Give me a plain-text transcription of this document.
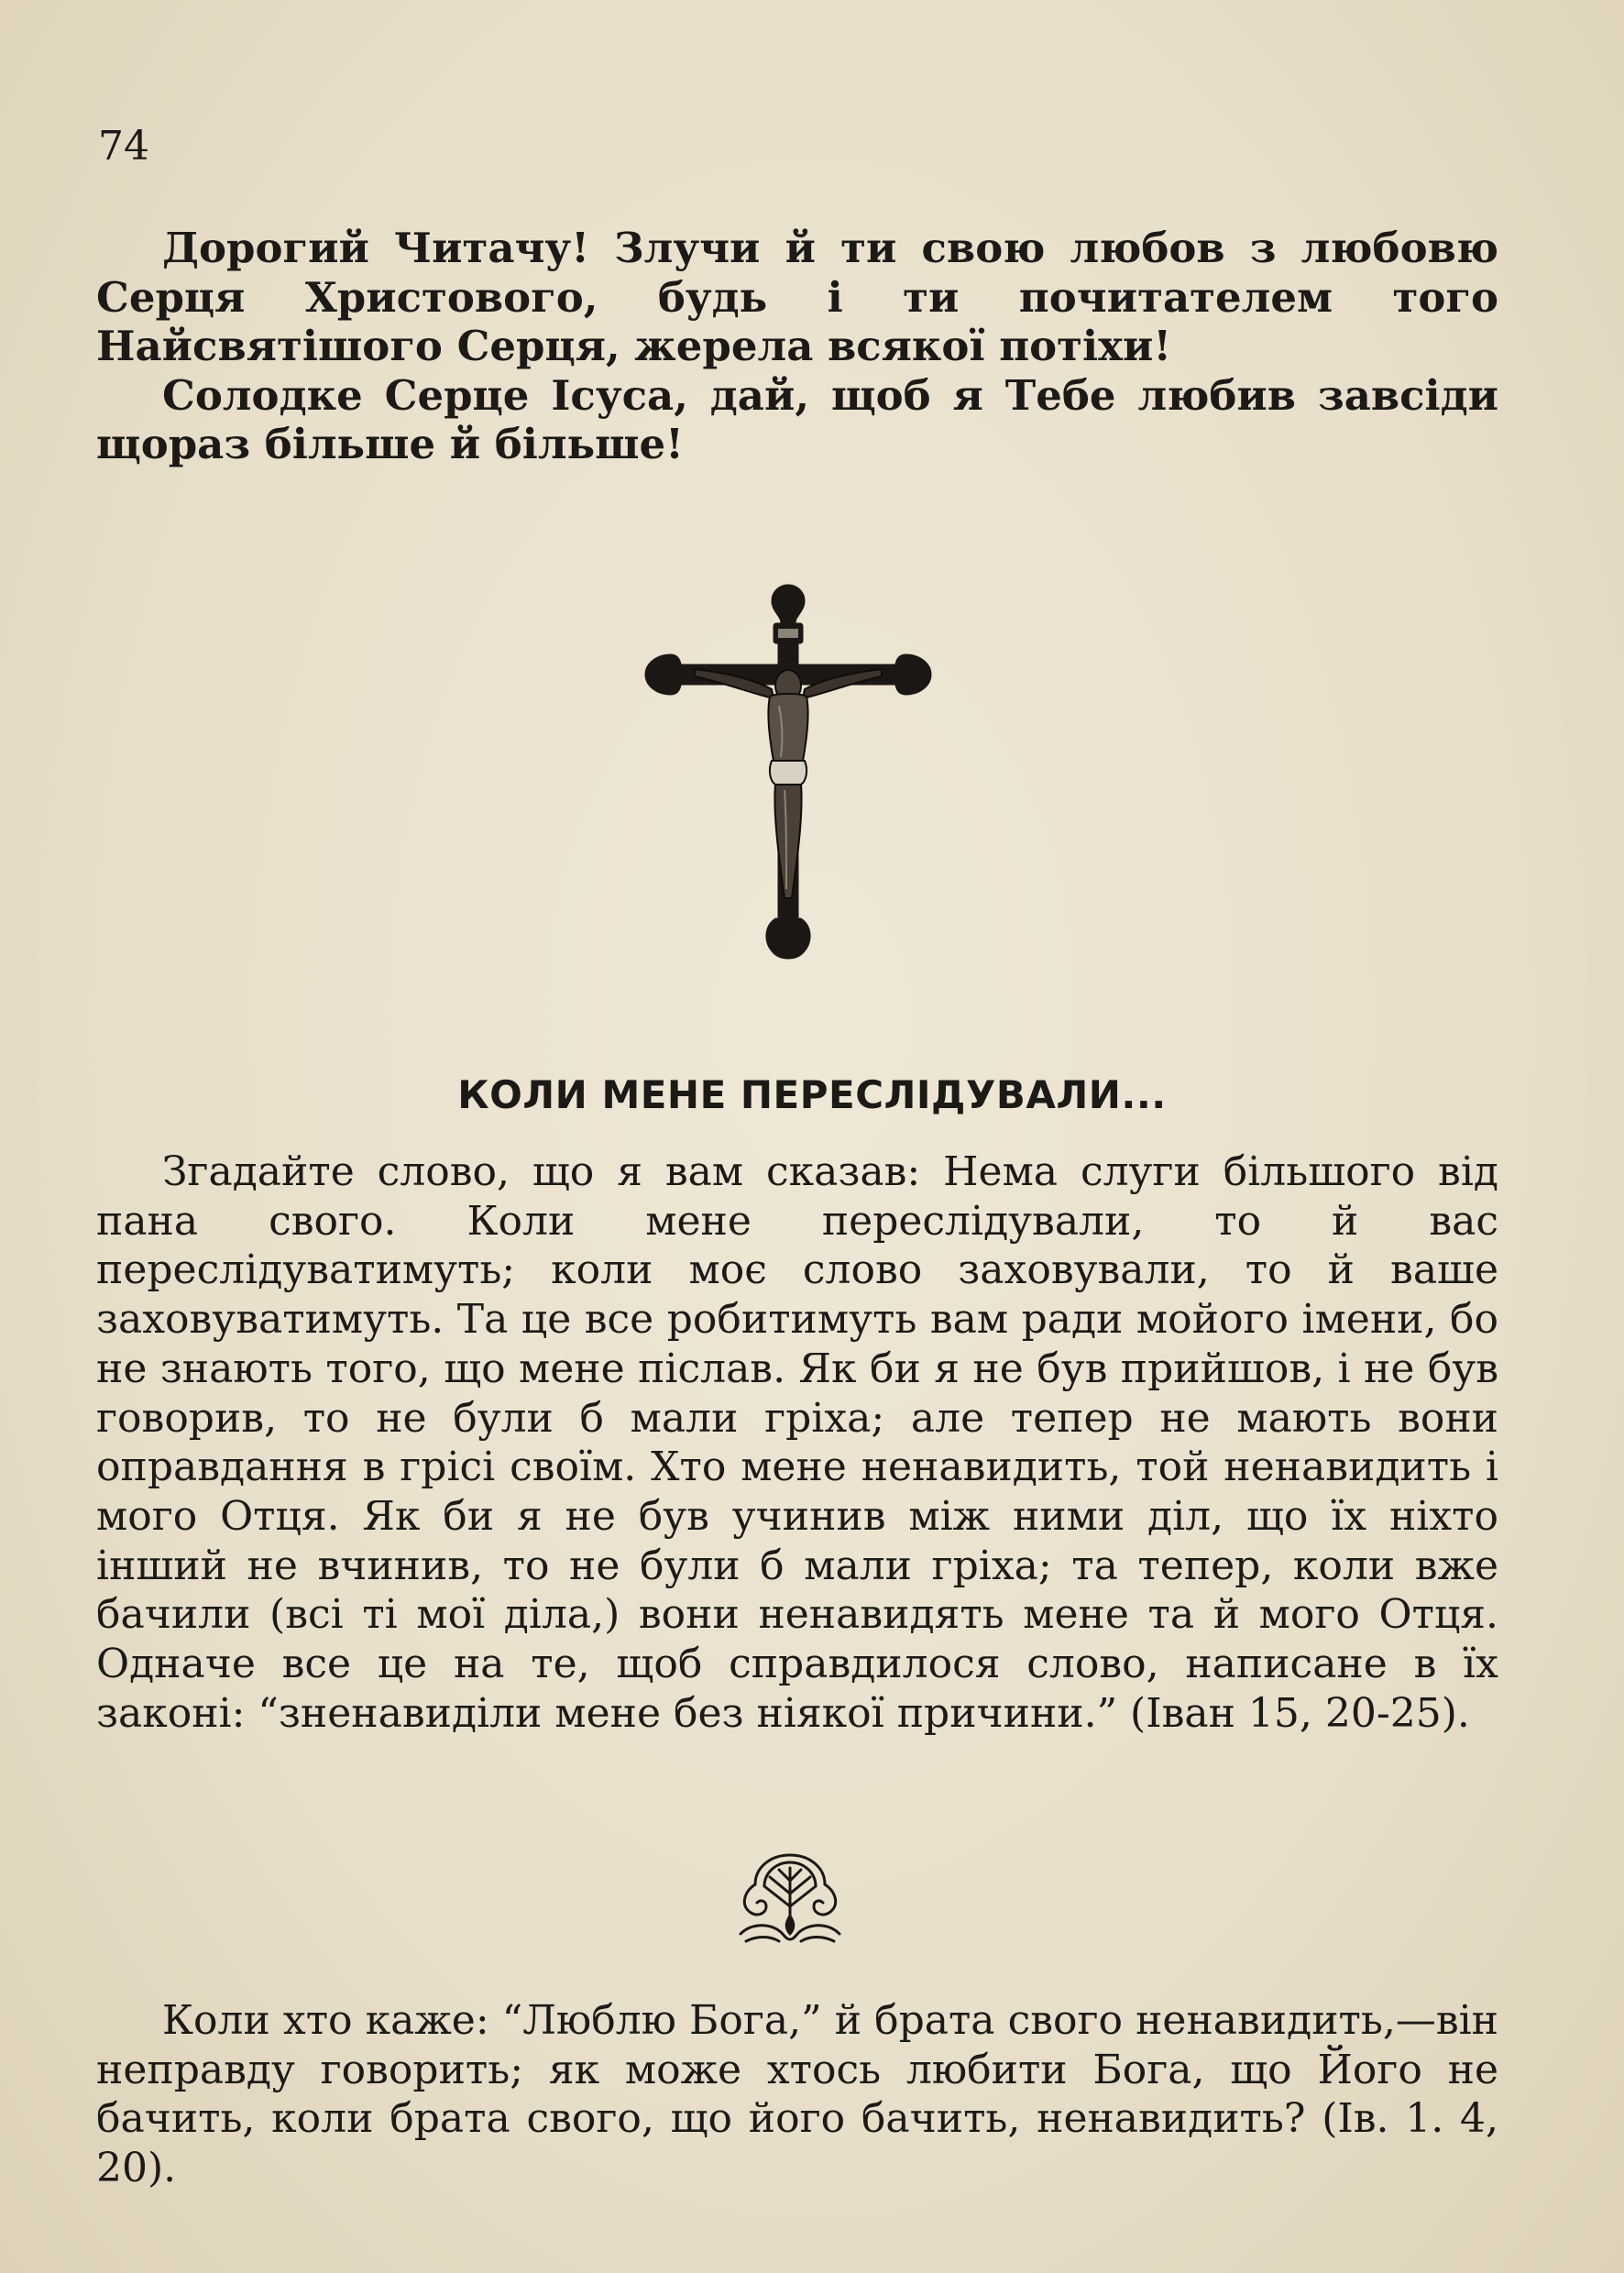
74

Дорогий Читачу! Злучи й ти свою любов з любовю Серця Христового, будь і ти почитателем того Найсвятішого Серця, жерела всякої потіхи!

Солодке Серце Ісуса, дай, щоб я Тебе любив завсіди щораз більше й більше!

КОЛИ МЕНЕ ПЕРЕСЛІДУВАЛИ...

Згадайте слово, що я вам сказав: Нема слуги більшого від пана свого. Коли мене переслідували, то й вас переслідуватимуть; коли моє слово заховували, то й ваше заховуватимуть. Та це все робитимуть вам ради мойого імени, бо не знають того, що мене післав. Як би я не був прийшов, і не був говорив, то не були б мали гріха; але тепер не мають вони оправдання в грісі своїм. Хто мене ненавидить, той ненавидить і мого Отця. Як би я не був учинив між ними діл, що їх ніхто інший не вчинив, то не були б мали гріха; та тепер, коли вже бачили (всі ті мої діла,) вони ненавидять мене та й мого Отця. Одначе все це на те, щоб справдилося слово, написане в їх законі: “зненавиділи мене без ніякої причини.” (Іван 15, 20-25).

Коли хто каже: “Люблю Бога,” й брата свого ненавидить,—він неправду говорить; як може хтось любити Бога, що Його не бачить, коли брата свого, що його бачить, ненавидить? (Ів. 1. 4, 20).
